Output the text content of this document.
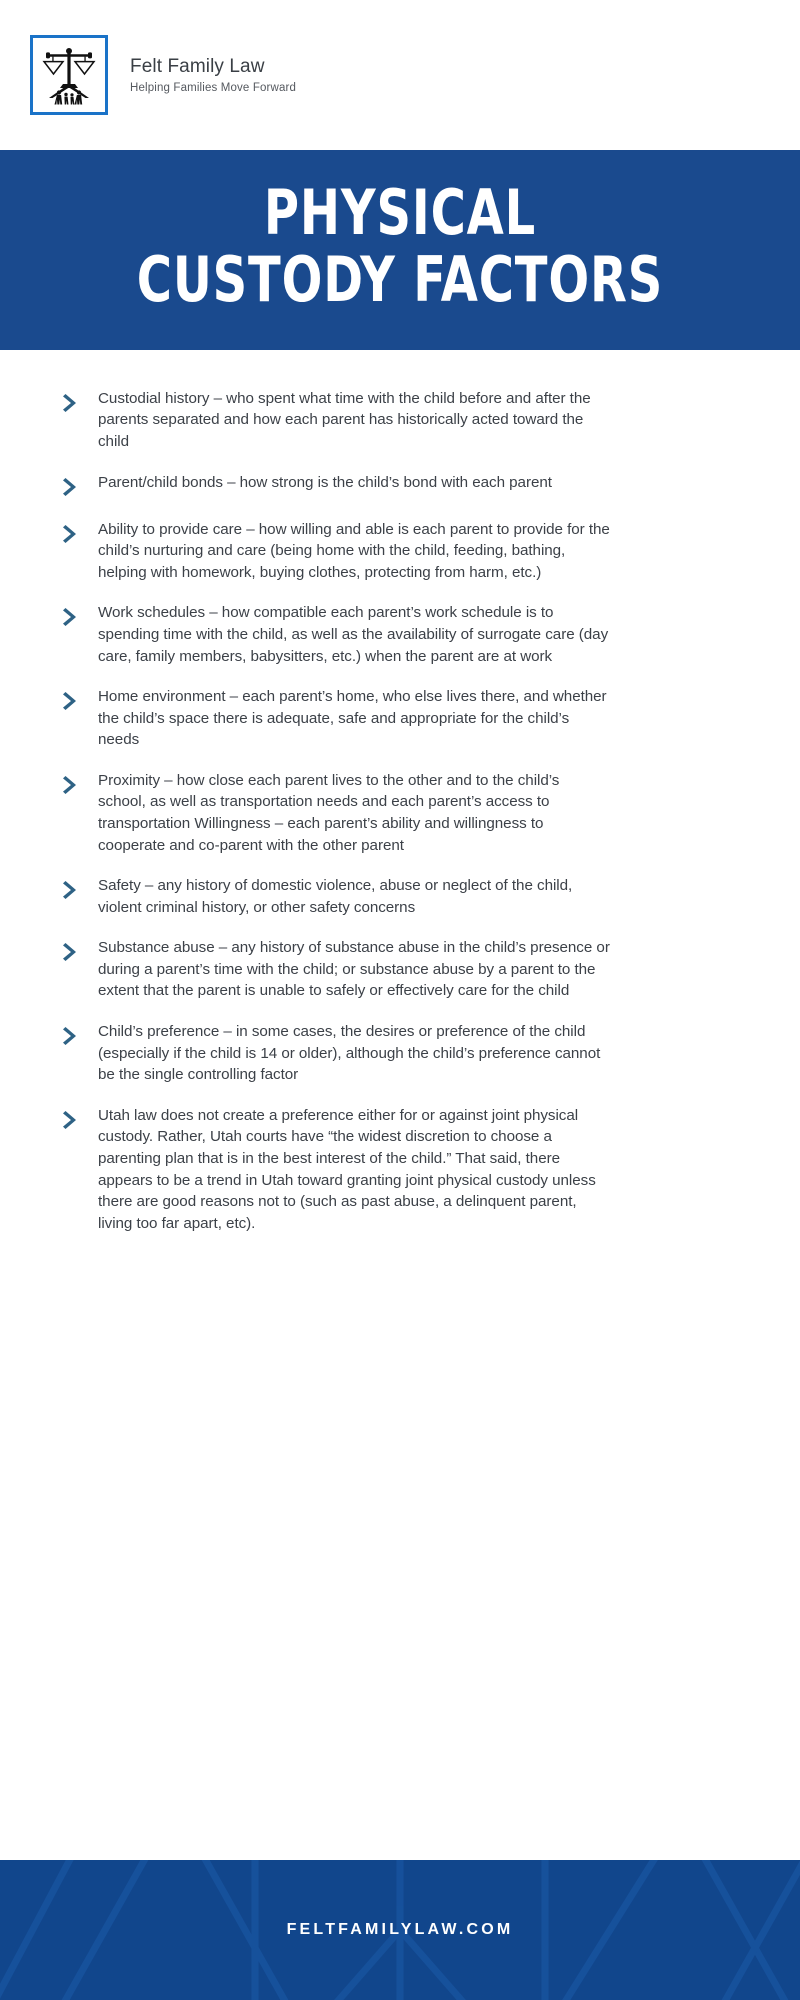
Felt Family Law
Helping Families Move Forward
PHYSICAL
CUSTODY FACTORS
Custodial history – who spent what time with the child before and after the parents separated and how each parent has historically acted toward the child
Parent/child bonds – how strong is the child’s bond with each parent
Ability to provide care – how willing and able is each parent to provide for the child’s nurturing and care (being home with the child, feeding, bathing, helping with homework, buying clothes, protecting from harm, etc.)
Work schedules – how compatible each parent’s work schedule is to spending time with the child, as well as the availability of surrogate care (day care, family members, babysitters, etc.) when the parent are at work
Home environment – each parent’s home, who else lives there, and whether the child’s space there is adequate, safe and appropriate for the child’s needs
Proximity – how close each parent lives to the other and to the child’s school, as well as transportation needs and each parent’s access to transportation Willingness – each parent’s ability and willingness to cooperate and co-parent with the other parent
Safety – any history of domestic violence, abuse or neglect of the child, violent criminal history, or other safety concerns
Substance abuse – any history of substance abuse in the child’s presence or during a parent’s time with the child; or substance abuse by a parent to the extent that the parent is unable to safely or effectively care for the child
Child’s preference – in some cases, the desires or preference of the child (especially if the child is 14 or older), although the child’s preference cannot be the single controlling factor
Utah law does not create a preference either for or against joint physical custody. Rather, Utah courts have “the widest discretion to choose a parenting plan that is in the best interest of the child.” That said, there appears to be a trend in Utah toward granting joint physical custody unless there are good reasons not to (such as past abuse, a delinquent parent, living too far apart, etc).
FELTFAMILYLAW.COM
